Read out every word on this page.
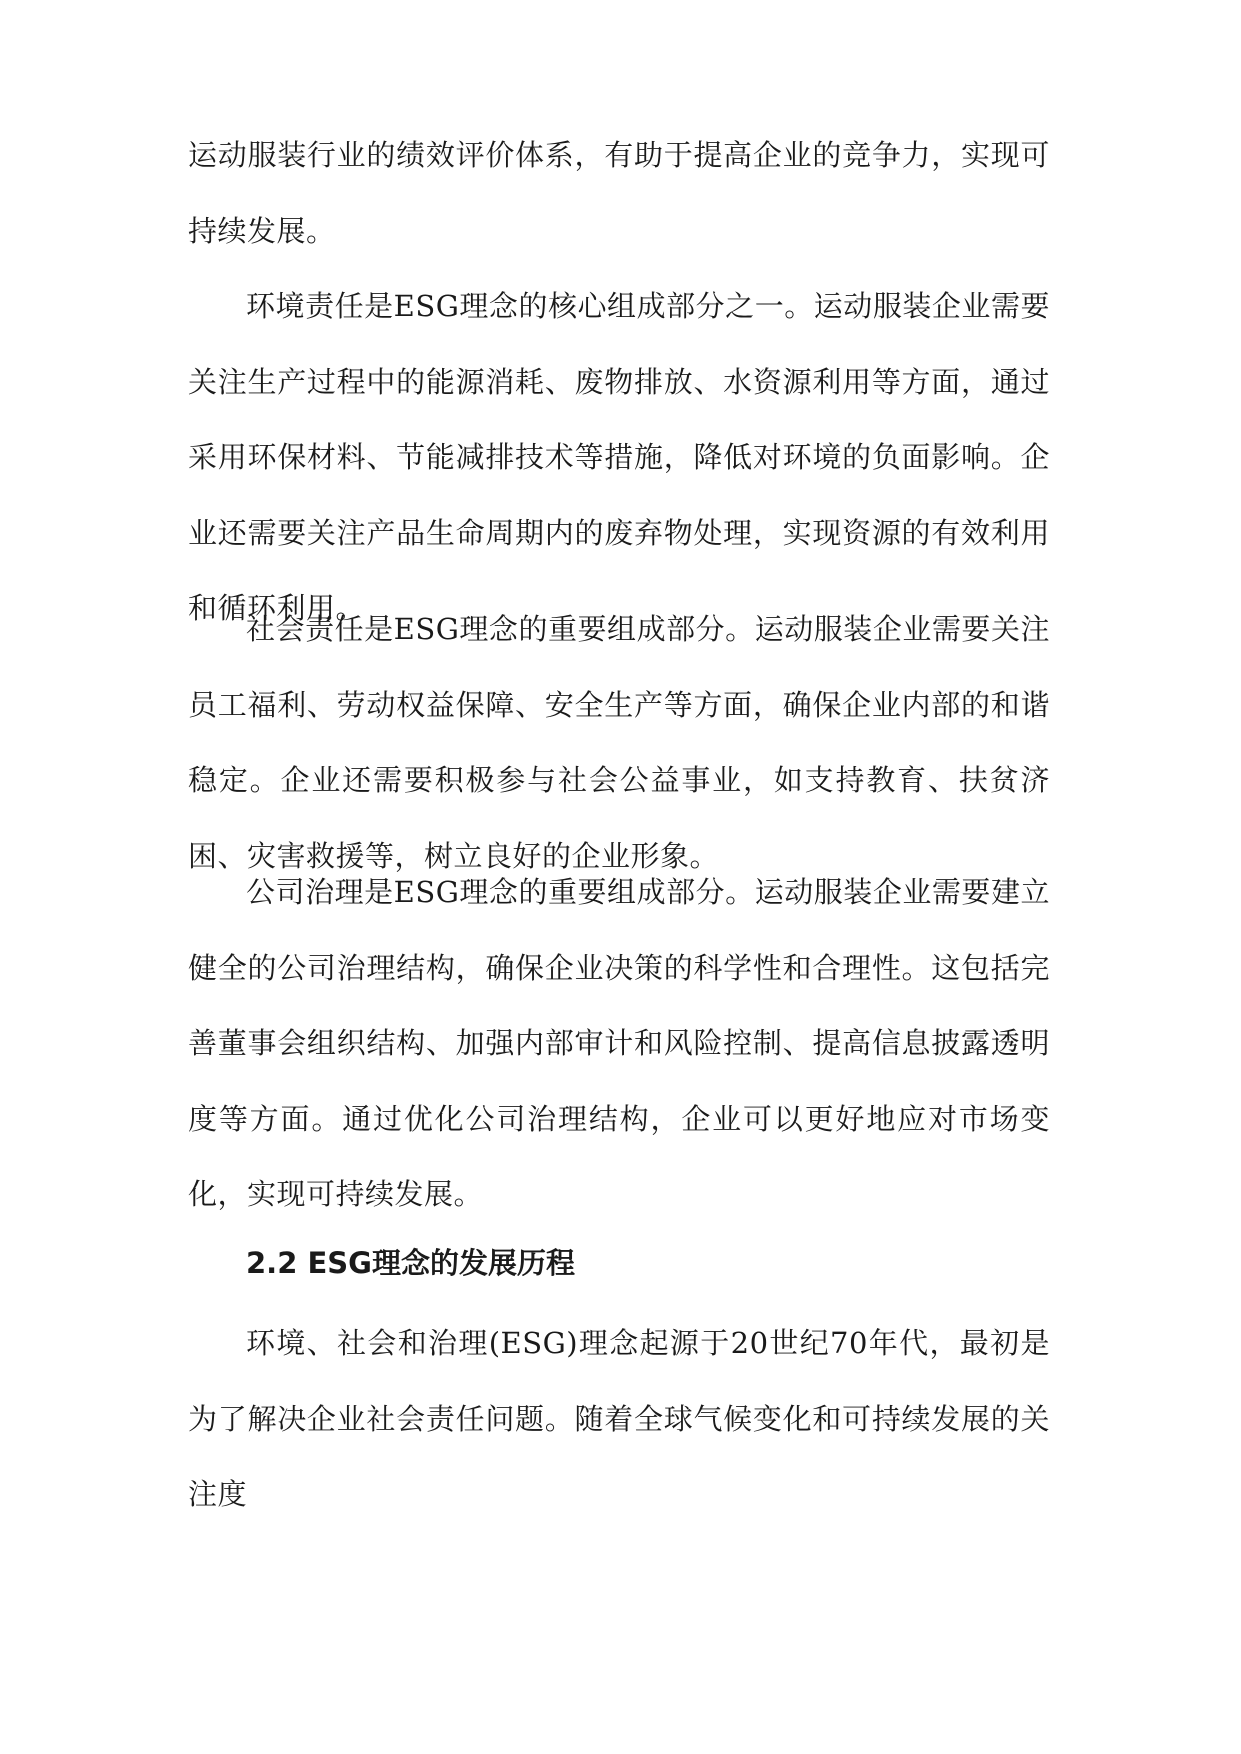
运动服装行业的绩效评价体系，有助于提高企业的竞争力，实现可持续发展。

环境责任是ESG理念的核心组成部分之一。运动服装企业需要关注生产过程中的能源消耗、废物排放、水资源利用等方面，通过采用环保材料、节能减排技术等措施，降低对环境的负面影响。企业还需要关注产品生命周期内的废弃物处理，实现资源的有效利用和循环利用。

社会责任是ESG理念的重要组成部分。运动服装企业需要关注员工福利、劳动权益保障、安全生产等方面，确保企业内部的和谐稳定。企业还需要积极参与社会公益事业，如支持教育、扶贫济困、灾害救援等，树立良好的企业形象。

公司治理是ESG理念的重要组成部分。运动服装企业需要建立健全的公司治理结构，确保企业决策的科学性和合理性。这包括完善董事会组织结构、加强内部审计和风险控制、提高信息披露透明度等方面。通过优化公司治理结构，企业可以更好地应对市场变化，实现可持续发展。

2.2 ESG理念的发展历程

环境、社会和治理(ESG)理念起源于20世纪70年代，最初是为了解决企业社会责任问题。随着全球气候变化和可持续发展的关注度
